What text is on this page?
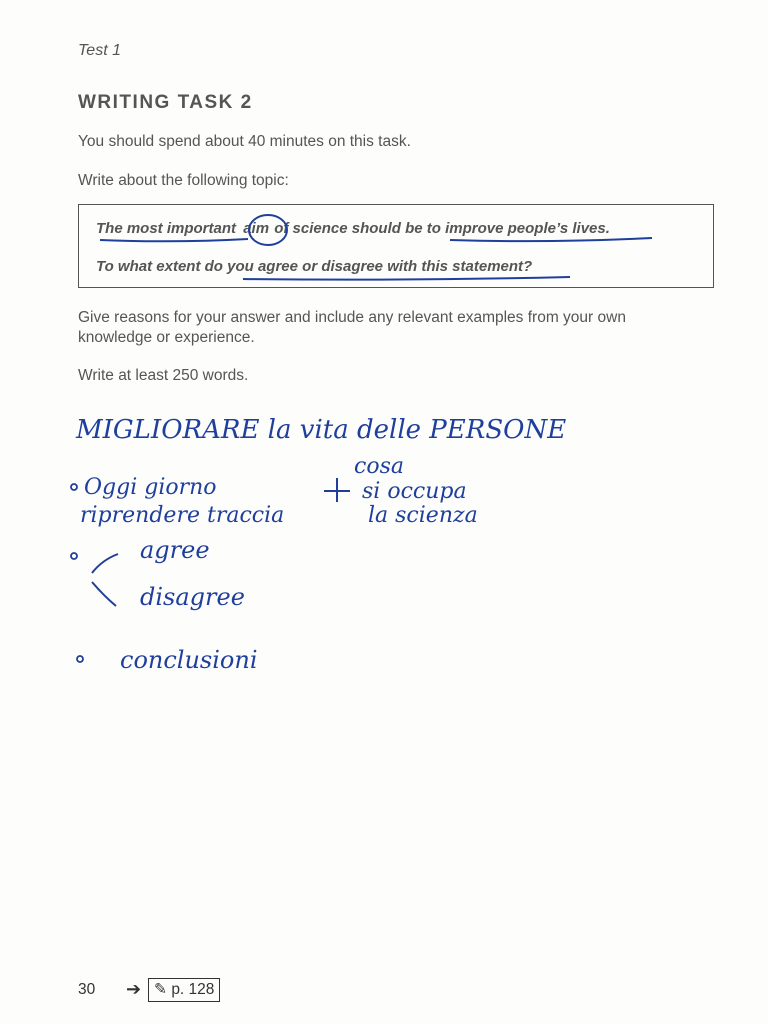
Test 1
WRITING TASK 2
You should spend about 40 minutes on this task.
Write about the following topic:
The most important aim of science should be to improve people’s lives.
To what extent do you agree or disagree with this statement?
Give reasons for your answer and include any relevant examples from your own
knowledge or experience.
Write at least 250 words.
MIGLIORARE la vita delle PERSONE
Oggi giorno
riprendere traccia
cosa
si occupa
la scienza
agree
disagree
conclusioni
30 ➔ ✎ p. 128
